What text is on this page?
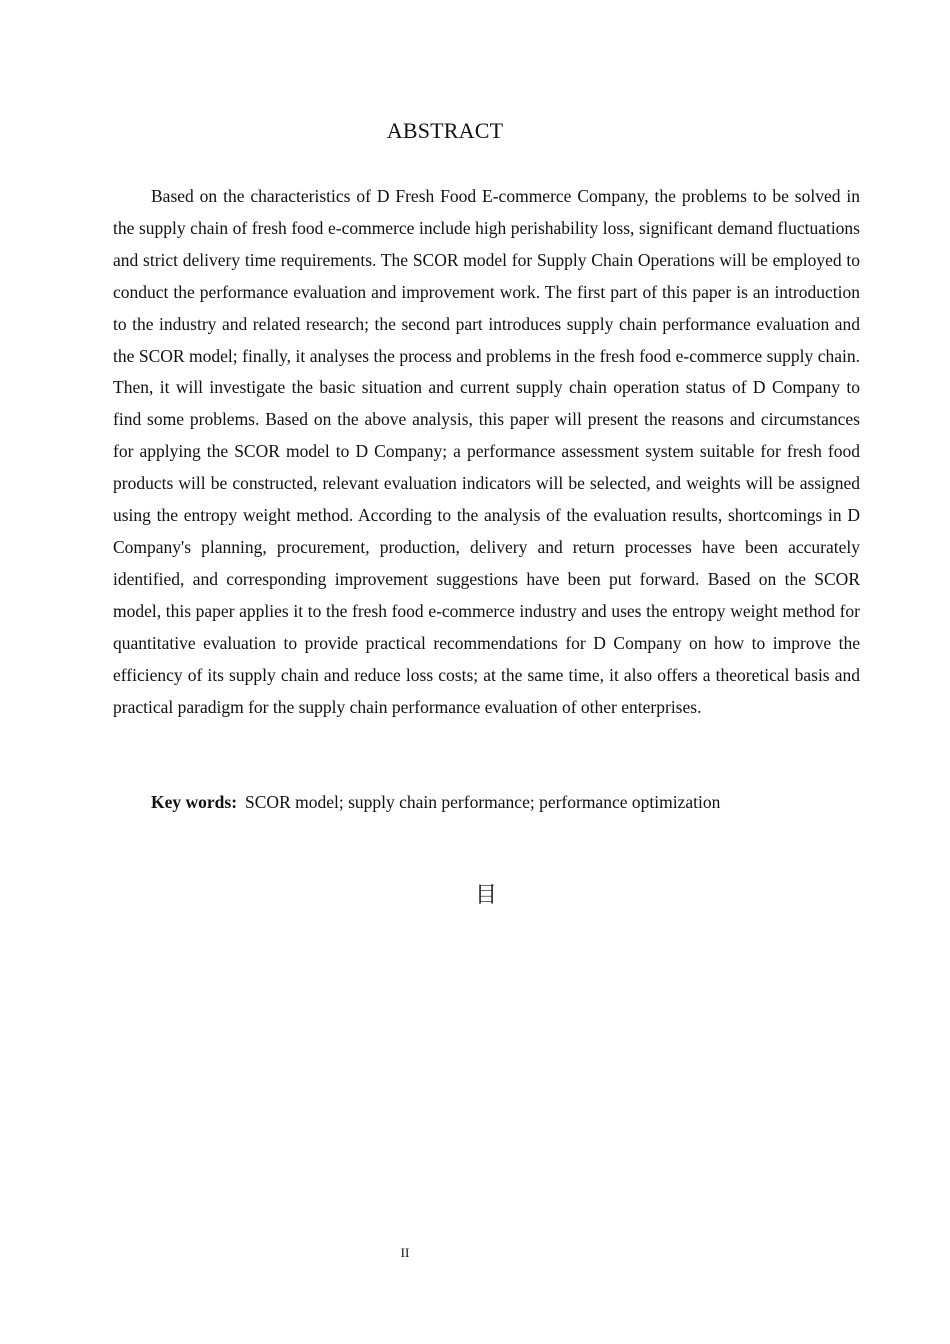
ABSTRACT

Based on the characteristics of D Fresh Food E-commerce Company, the problems to be solved in the supply chain of fresh food e-commerce include high perishability loss, significant demand fluctuations and strict delivery time requirements. The SCOR model for Supply Chain Operations will be employed to conduct the performance evaluation and improvement work. The first part of this paper is an introduction to the industry and related research; the second part introduces supply chain performance evaluation and the SCOR model; finally, it analyses the process and problems in the fresh food e-commerce supply chain. Then, it will investigate the basic situation and current supply chain operation status of D Company to find some problems. Based on the above analysis, this paper will present the reasons and circumstances for applying the SCOR model to D Company; a performance assessment system suitable for fresh food products will be constructed, relevant evaluation indicators will be selected, and weights will be assigned using the entropy weight method. According to the analysis of the evaluation results, shortcomings in D Company's planning, procurement, production, delivery and return processes have been accurately identified, and corresponding improvement suggestions have been put forward. Based on the SCOR model, this paper applies it to the fresh food e-commerce industry and uses the entropy weight method for quantitative evaluation to provide practical recommendations for D Company on how to improve the efficiency of its supply chain and reduce loss costs; at the same time, it also offers a theoretical basis and practical paradigm for the supply chain performance evaluation of other enterprises.

Key words: SCOR model; supply chain performance; performance optimization

目
II
